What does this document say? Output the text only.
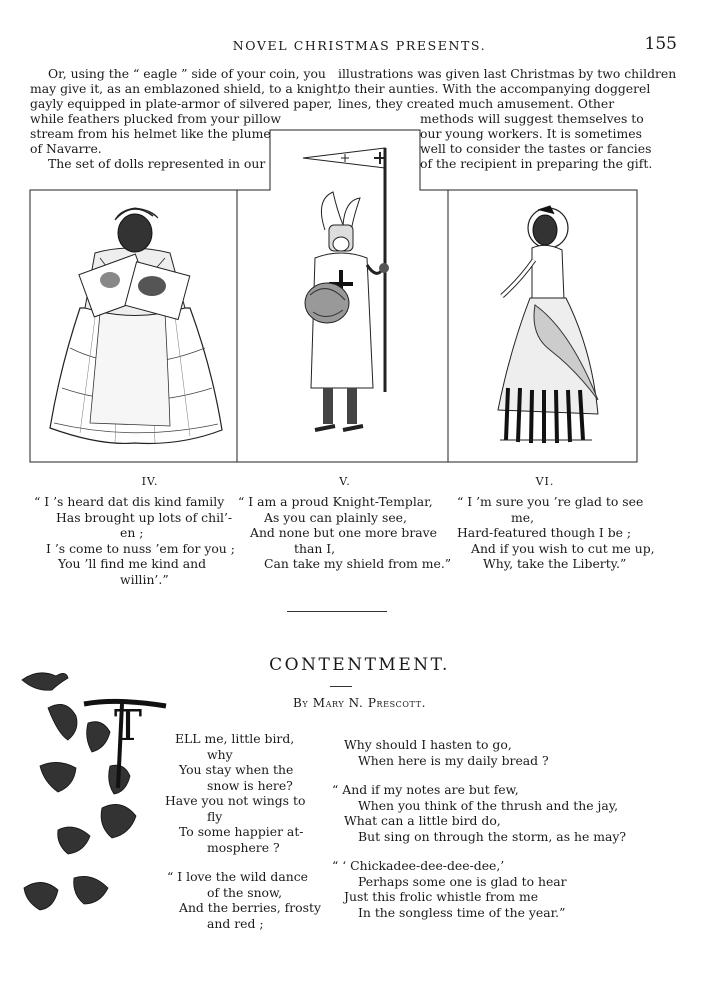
NOVEL CHRISTMAS PRESENTS.	155
Or, using the “ eagle ” side of your coin, you
may give it, as an emblazoned shield, to a knight,
gayly equipped in plate-armor of silvered paper,
while feathers plucked from your pillow
stream from his helmet like the plume
of Navarre.
The set of dolls represented in our
illustrations was given last Christmas by two children
to their aunties. With the accompanying doggerel
lines, they created much amusement. Other
methods will suggest themselves to
our young workers. It is sometimes
well to consider the tastes or fancies
of the recipient in preparing the gift.
IV.	V.	VI.
“ I ’s heard dat dis kind family
Has brought up lots of chil’-
en ;
I ’s come to nuss ’em for you ;
You ’ll find me kind and
willin’.”
“ I am a proud Knight-Templar,
As you can plainly see,
And none but one more brave
than I,
Can take my shield from me.”
“ I ’m sure you ’re glad to see
me,
Hard-featured though I be ;
And if you wish to cut me up,
Why, take the Liberty.”
CONTENTMENT.
By Mary N. Prescott.
T	ELL me, little bird,
why
You stay when the
snow is here?
Have you not wings to
fly
To some happier at-
mosphere ?
“ I love the wild dance
of the snow,
And the berries, frosty
and red ;
Why should I hasten to go,
When here is my daily bread ?
“ And if my notes are but few,
When you think of the thrush and the jay,
What can a little bird do,
But sing on through the storm, as he may?
“ ‘ Chickadee-dee-dee-dee,’
Perhaps some one is glad to hear
Just this frolic whistle from me
In the songless time of the year.”
